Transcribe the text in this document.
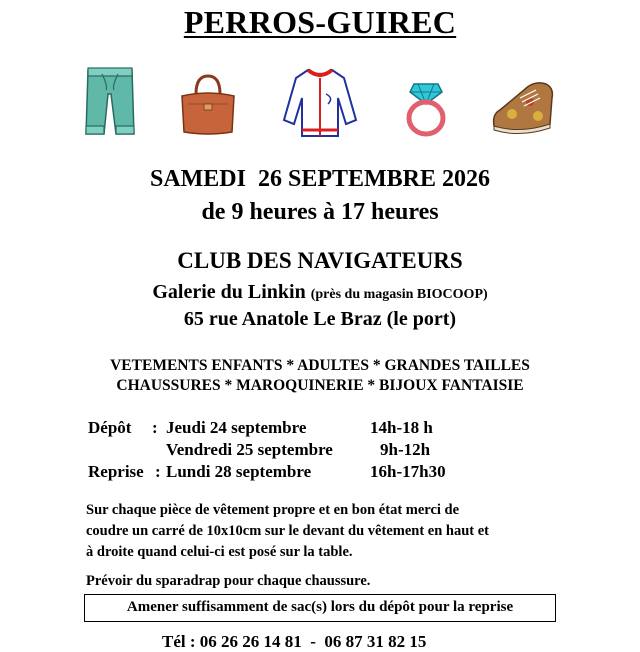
PERROS-GUIREC
SAMEDI  26 SEPTEMBRE 2026
de 9 heures à 17 heures
CLUB DES NAVIGATEURS
Galerie du Linkin (près du magasin BIOCOOP)
65 rue Anatole Le Braz (le port)
VETEMENTS ENFANTS * ADULTES * GRANDES TAILLES
CHAUSSURES * MAROQUINERIE * BIJOUX FANTAISIE
Dépôt : Jeudi 24 septembre	14h-18 h
Vendredi 25 septembre	9h-12h
Reprise : Lundi 28 septembre	16h-17h30
Sur chaque pièce de vêtement propre et en bon état merci de
coudre un carré de 10x10cm sur le devant du vêtement en haut et
à droite quand celui-ci est posé sur la table.
Prévoir du sparadrap pour chaque chaussure.
Amener suffisamment de sac(s) lors du dépôt pour la reprise
Tél : 06 26 26 14 81  -  06 87 31 82 15
